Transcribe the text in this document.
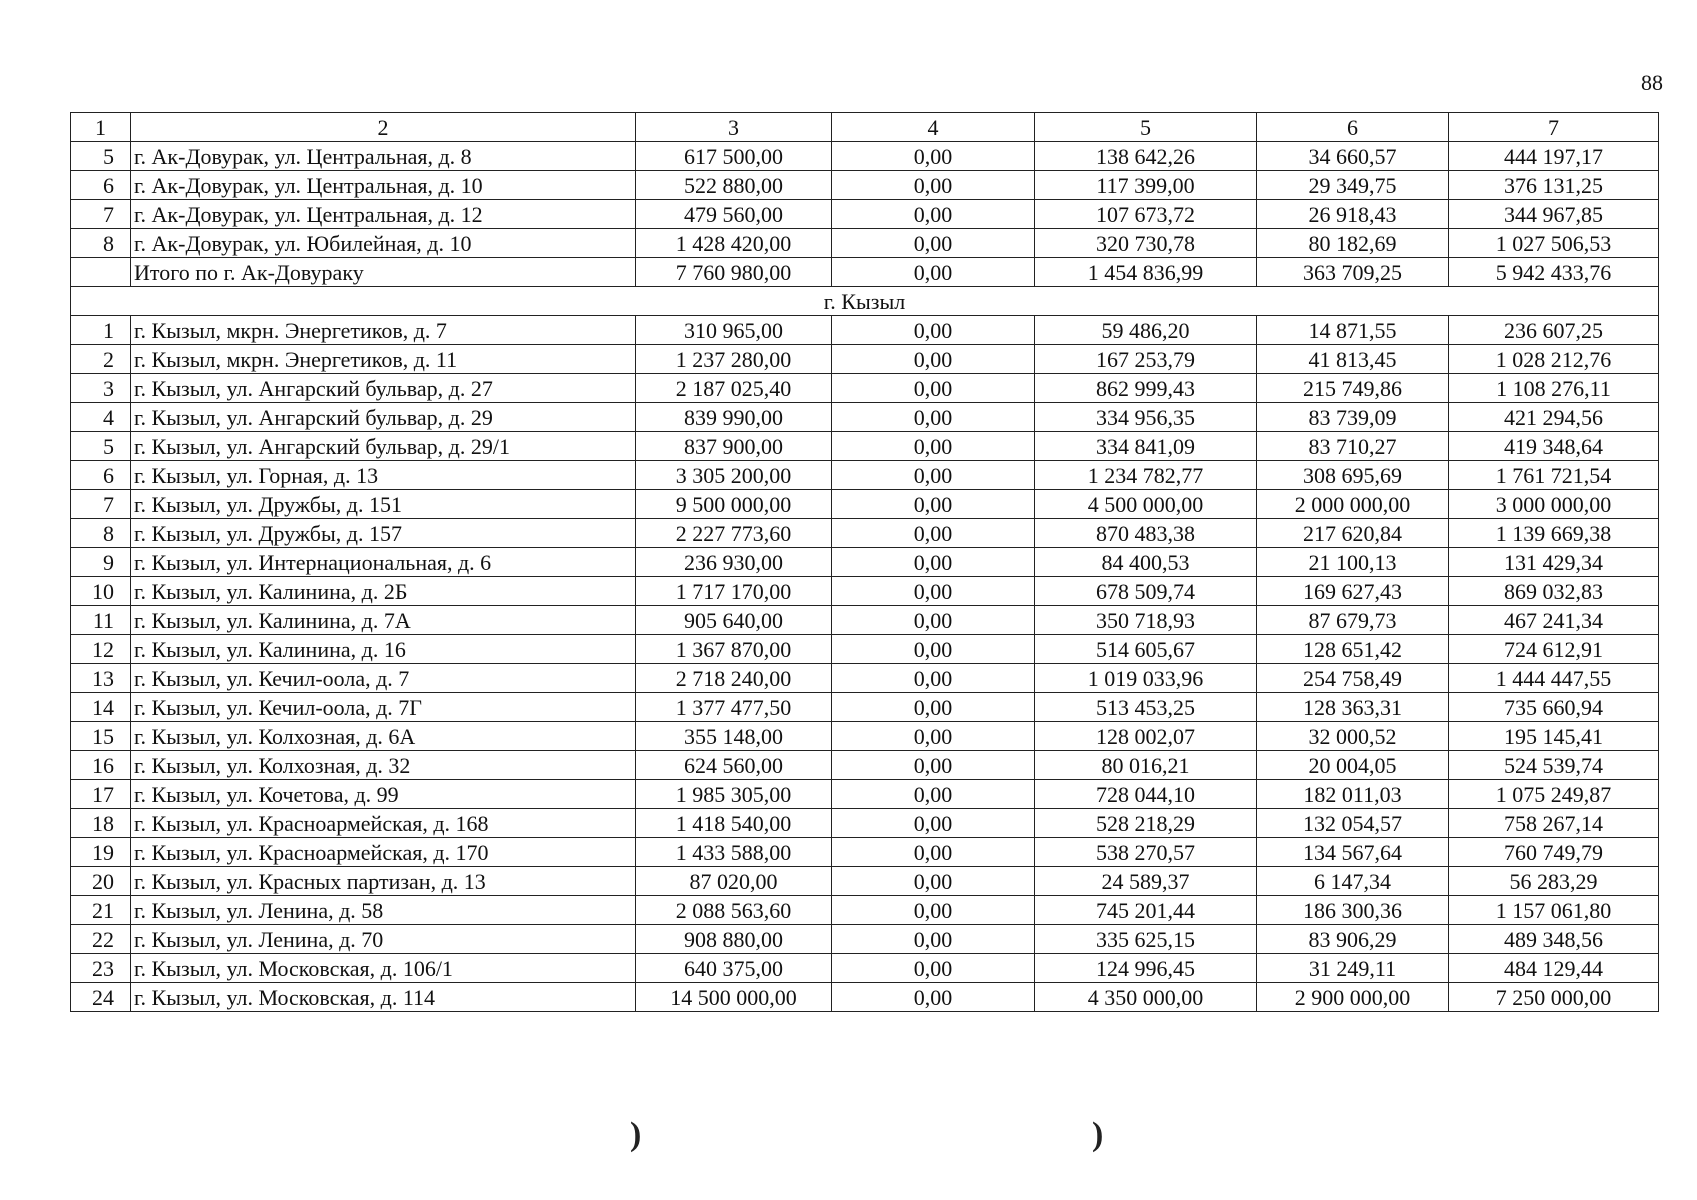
88
1	2	3	4	5	6	7
5	г. Ак-Довурак, ул. Центральная, д. 8	617 500,00	0,00	138 642,26	34 660,57	444 197,17
6	г. Ак-Довурак, ул. Центральная, д. 10	522 880,00	0,00	117 399,00	29 349,75	376 131,25
7	г. Ак-Довурак, ул. Центральная, д. 12	479 560,00	0,00	107 673,72	26 918,43	344 967,85
8	г. Ак-Довурак, ул. Юбилейная, д. 10	1 428 420,00	0,00	320 730,78	80 182,69	1 027 506,53
	Итого по г. Ак-Довураку	7 760 980,00	0,00	1 454 836,99	363 709,25	5 942 433,76
г. Кызыл						
1	г. Кызыл, мкрн. Энергетиков, д. 7	310 965,00	0,00	59 486,20	14 871,55	236 607,25
2	г. Кызыл, мкрн. Энергетиков, д. 11	1 237 280,00	0,00	167 253,79	41 813,45	1 028 212,76
3	г. Кызыл, ул. Ангарский бульвар, д. 27	2 187 025,40	0,00	862 999,43	215 749,86	1 108 276,11
4	г. Кызыл, ул. Ангарский бульвар, д. 29	839 990,00	0,00	334 956,35	83 739,09	421 294,56
5	г. Кызыл, ул. Ангарский бульвар, д. 29/1	837 900,00	0,00	334 841,09	83 710,27	419 348,64
6	г. Кызыл, ул. Горная, д. 13	3 305 200,00	0,00	1 234 782,77	308 695,69	1 761 721,54
7	г. Кызыл, ул. Дружбы, д. 151	9 500 000,00	0,00	4 500 000,00	2 000 000,00	3 000 000,00
8	г. Кызыл, ул. Дружбы, д. 157	2 227 773,60	0,00	870 483,38	217 620,84	1 139 669,38
9	г. Кызыл, ул. Интернациональная, д. 6	236 930,00	0,00	84 400,53	21 100,13	131 429,34
10	г. Кызыл, ул. Калинина, д. 2Б	1 717 170,00	0,00	678 509,74	169 627,43	869 032,83
11	г. Кызыл, ул. Калинина, д. 7А	905 640,00	0,00	350 718,93	87 679,73	467 241,34
12	г. Кызыл, ул. Калинина, д. 16	1 367 870,00	0,00	514 605,67	128 651,42	724 612,91
13	г. Кызыл, ул. Кечил-оола, д. 7	2 718 240,00	0,00	1 019 033,96	254 758,49	1 444 447,55
14	г. Кызыл, ул. Кечил-оола, д. 7Г	1 377 477,50	0,00	513 453,25	128 363,31	735 660,94
15	г. Кызыл, ул. Колхозная, д. 6А	355 148,00	0,00	128 002,07	32 000,52	195 145,41
16	г. Кызыл, ул. Колхозная, д. 32	624 560,00	0,00	80 016,21	20 004,05	524 539,74
17	г. Кызыл, ул. Кочетова, д. 99	1 985 305,00	0,00	728 044,10	182 011,03	1 075 249,87
18	г. Кызыл, ул. Красноармейская, д. 168	1 418 540,00	0,00	528 218,29	132 054,57	758 267,14
19	г. Кызыл, ул. Красноармейская, д. 170	1 433 588,00	0,00	538 270,57	134 567,64	760 749,79
20	г. Кызыл, ул. Красных партизан, д. 13	87 020,00	0,00	24 589,37	6 147,34	56 283,29
21	г. Кызыл, ул. Ленина, д. 58	2 088 563,60	0,00	745 201,44	186 300,36	1 157 061,80
22	г. Кызыл, ул. Ленина, д. 70	908 880,00	0,00	335 625,15	83 906,29	489 348,56
23	г. Кызыл, ул. Московская, д. 106/1	640 375,00	0,00	124 996,45	31 249,11	484 129,44
24	г. Кызыл, ул. Московская, д. 114	14 500 000,00	0,00	4 350 000,00	2 900 000,00	7 250 000,00
)	)
